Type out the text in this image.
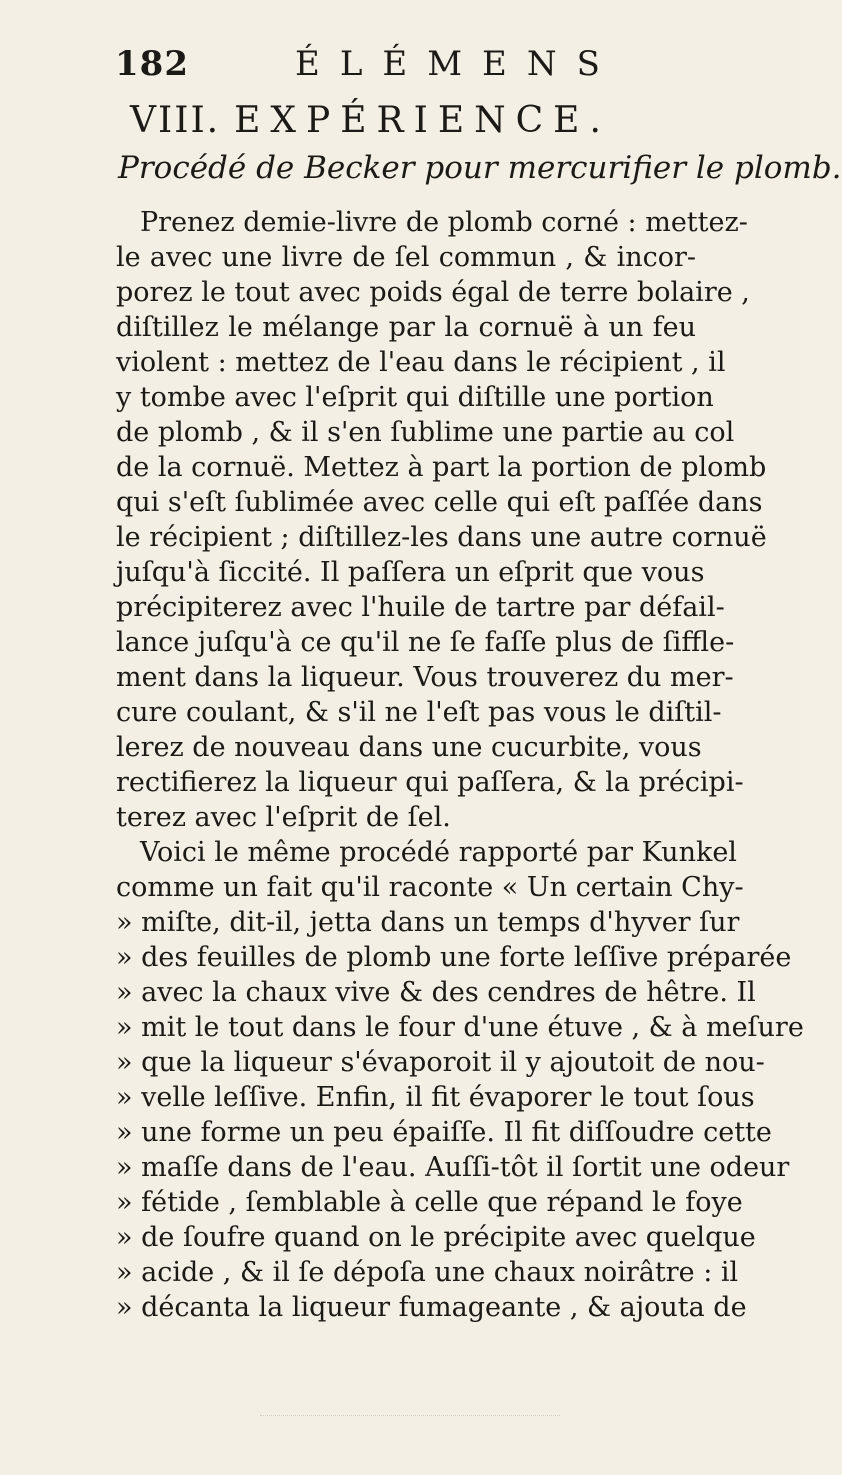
182	ÉLÉMENS
VIII. EXPÉRIENCE.
Procédé de Becker pour mercurifier le plomb.
Prenez demie-livre de plomb corné : mettez-
le avec une livre de ſel commun , & incor-
porez le tout avec poids égal de terre bolaire ,
diſtillez le mélange par la cornuë à un feu
violent : mettez de l'eau dans le récipient , il
y tombe avec l'eſprit qui diſtille une portion
de plomb , & il s'en ſublime une partie au col
de la cornuë. Mettez à part la portion de plomb
qui s'eſt ſublimée avec celle qui eſt paſſée dans
le récipient ; diſtillez-les dans une autre cornuë
juſqu'à ſiccité. Il paſſera un eſprit que vous
précipiterez avec l'huile de tartre par défail-
lance juſqu'à ce qu'il ne ſe faſſe plus de ſiffle-
ment dans la liqueur. Vous trouverez du mer-
cure coulant, & s'il ne l'eſt pas vous le diſtil-
lerez de nouveau dans une cucurbite, vous
rectifierez la liqueur qui paſſera, & la précipi-
terez avec l'eſprit de ſel.
Voici le même procédé rapporté par Kunkel
comme un fait qu'il raconte « Un certain Chy-
» miſte, dit-il, jetta dans un temps d'hyver ſur
» des feuilles de plomb une forte leſſive préparée
» avec la chaux vive & des cendres de hêtre. Il
» mit le tout dans le four d'une étuve , & à meſure
» que la liqueur s'évaporoit il y ajoutoit de nou-
» velle leſſive. Enfin, il fit évaporer le tout ſous
» une forme un peu épaiſſe. Il fit diſſoudre cette
» maſſe dans de l'eau. Auſſi-tôt il ſortit une odeur
» fétide , ſemblable à celle que répand le foye
» de ſoufre quand on le précipite avec quelque
» acide , & il ſe dépoſa une chaux noirâtre : il
» décanta la liqueur fumageante , & ajouta de
